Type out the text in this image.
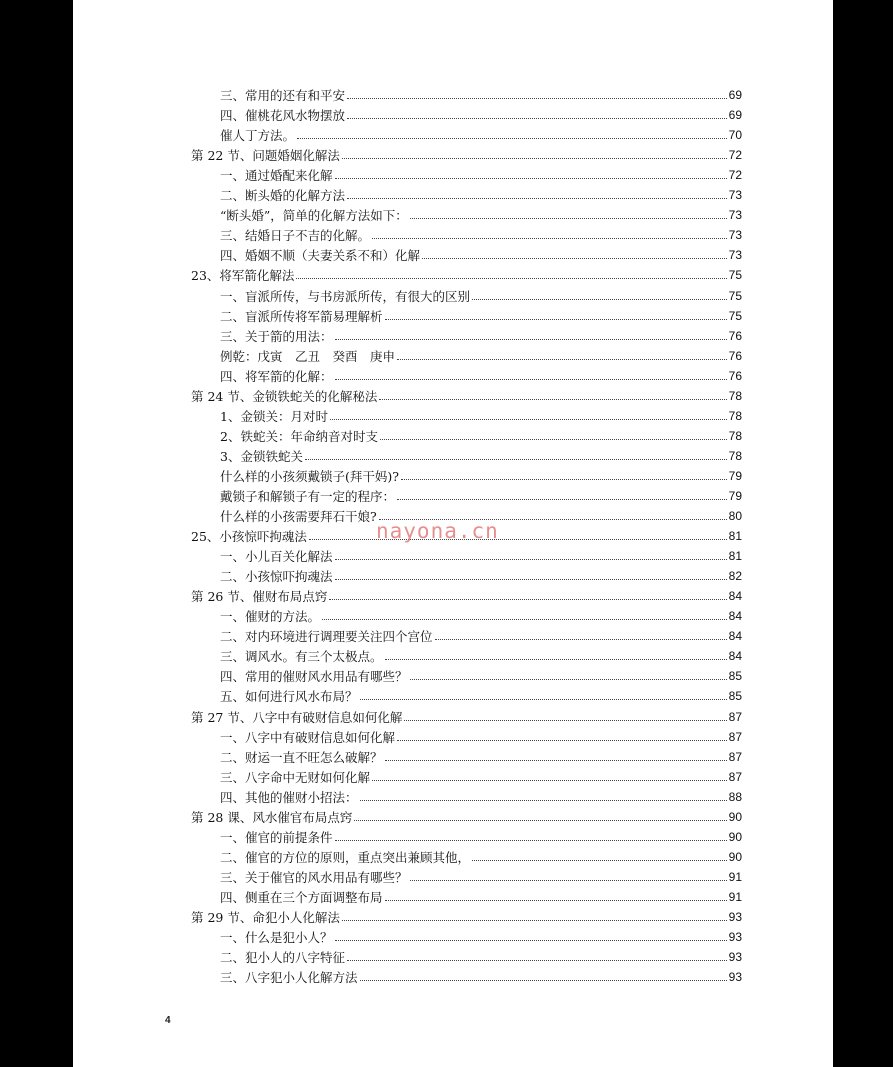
三、常用的还有和平安	69
四、催桃花风水物摆放	69
催人丁方法。	70
第 22 节、问题婚姻化解法	72
一、通过婚配来化解	72
二、断头婚的化解方法	73
“断头婚”，简单的化解方法如下：	73
三、结婚日子不吉的化解。	73
四、婚姻不顺（夫妻关系不和）化解	73
23、将军箭化解法	75
一、盲派所传，与书房派所传，有很大的区别	75
二、盲派所传将军箭易理解析	75
三、关于箭的用法：	76
例乾：戊寅　乙丑　癸酉　庚申	76
四、将军箭的化解：	76
第 24 节、金锁铁蛇关的化解秘法	78
1、金锁关：月对时	78
2、铁蛇关：年命纳音对时支	78
3、金锁铁蛇关	78
什么样的小孩须戴锁子(拜干妈)?	79
戴锁子和解锁子有一定的程序：	79
什么样的小孩需要拜石干娘?	80
25、小孩惊吓拘魂法	81
一、小儿百关化解法	81
二、小孩惊吓拘魂法	82
第 26 节、催财布局点窍	84
一、催财的方法。	84
二、对内环境进行调理要关注四个宫位	84
三、调风水。有三个太极点。	84
四、常用的催财风水用品有哪些？	85
五、如何进行风水布局？	85
第 27 节、八字中有破财信息如何化解	87
一、八字中有破财信息如何化解	87
二、财运一直不旺怎么破解？	87
三、八字命中无财如何化解	87
四、其他的催财小招法：	88
第 28 课、风水催官布局点窍	90
一、催官的前提条件	90
二、催官的方位的原则，重点突出兼顾其他，	90
三、关于催官的风水用品有哪些？	91
四、侧重在三个方面调整布局	91
第 29 节、命犯小人化解法	93
一、什么是犯小人？	93
二、犯小人的八字特征	93
三、八字犯小人化解方法	93
nayona.cn
4
